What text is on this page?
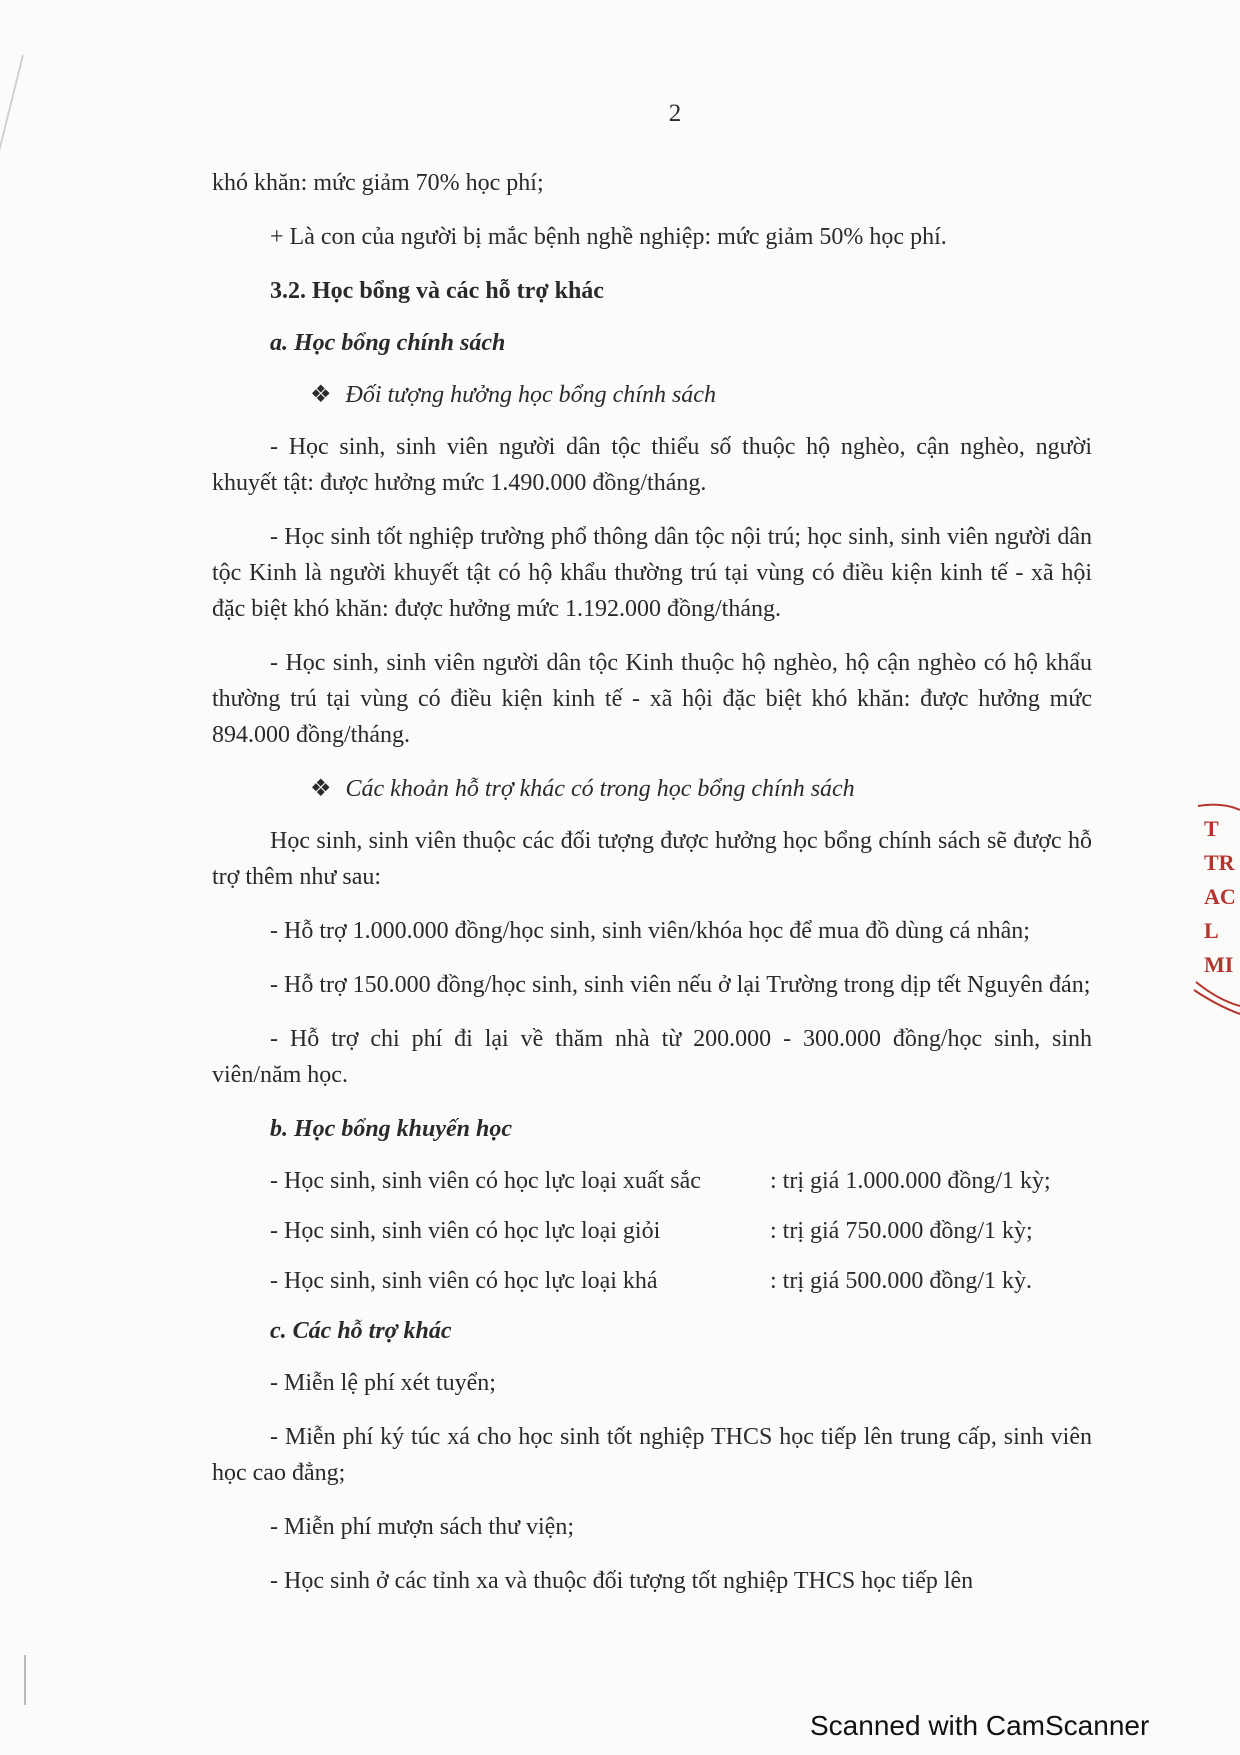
2

khó khăn: mức giảm 70% học phí;

+ Là con của người bị mắc bệnh nghề nghiệp: mức giảm 50% học phí.

3.2. Học bổng và các hỗ trợ khác

a. Học bổng chính sách

❖ Đối tượng hưởng học bổng chính sách

- Học sinh, sinh viên người dân tộc thiểu số thuộc hộ nghèo, cận nghèo, người khuyết tật: được hưởng mức 1.490.000 đồng/tháng.

- Học sinh tốt nghiệp trường phổ thông dân tộc nội trú; học sinh, sinh viên người dân tộc Kinh là người khuyết tật có hộ khẩu thường trú tại vùng có điều kiện kinh tế - xã hội đặc biệt khó khăn: được hưởng mức 1.192.000 đồng/tháng.

- Học sinh, sinh viên người dân tộc Kinh thuộc hộ nghèo, hộ cận nghèo có hộ khẩu thường trú tại vùng có điều kiện kinh tế - xã hội đặc biệt khó khăn: được hưởng mức 894.000 đồng/tháng.

❖ Các khoản hỗ trợ khác có trong học bổng chính sách

Học sinh, sinh viên thuộc các đối tượng được hưởng học bổng chính sách sẽ được hỗ trợ thêm như sau:

- Hỗ trợ 1.000.000 đồng/học sinh, sinh viên/khóa học để mua đồ dùng cá nhân;

- Hỗ trợ 150.000 đồng/học sinh, sinh viên nếu ở lại Trường trong dịp tết Nguyên đán;

- Hỗ trợ chi phí đi lại về thăm nhà từ 200.000 - 300.000 đồng/học sinh, sinh viên/năm học.

b. Học bổng khuyến học

- Học sinh, sinh viên có học lực loại xuất sắc	: trị giá 1.000.000 đồng/1 kỳ;
- Học sinh, sinh viên có học lực loại giỏi	: trị giá 750.000 đồng/1 kỳ;
- Học sinh, sinh viên có học lực loại khá	: trị giá 500.000 đồng/1 kỳ.

c. Các hỗ trợ khác

- Miễn lệ phí xét tuyển;

- Miễn phí ký túc xá cho học sinh tốt nghiệp THCS học tiếp lên trung cấp, sinh viên học cao đẳng;

- Miễn phí mượn sách thư viện;

- Học sinh ở các tỉnh xa và thuộc đối tượng tốt nghiệp THCS học tiếp lên

T
TR
AC
L
MI
Scanned with CamScanner
